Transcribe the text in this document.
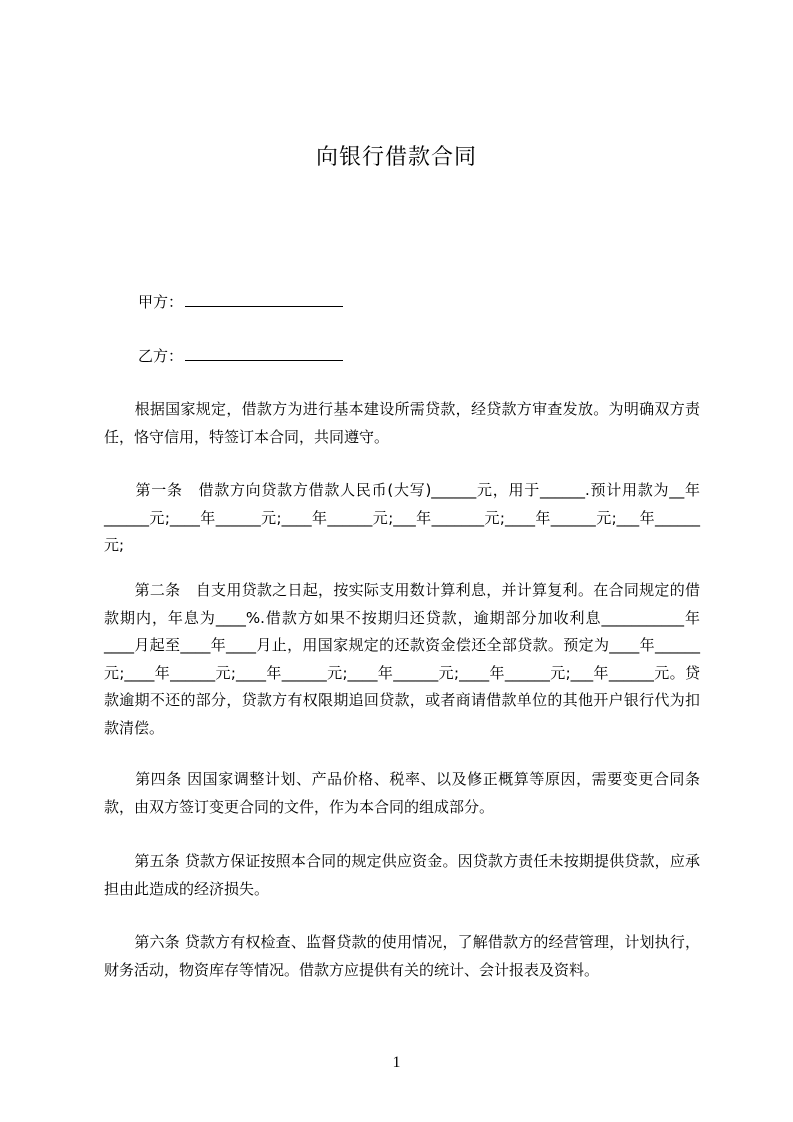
向银行借款合同
甲方：
乙方：

　　根据国家规定，借款方为进行基本建设所需贷款，经贷款方审查发放。为明确双方责任，恪守信用，特签订本合同，共同遵守。

　　第一条　借款方向贷款方借款人民币(大写)______元，用于______.预计用款为__年______元;____年______元;____年______元;___年_______元;____年______元;___年______元;

　　第二条　自支用贷款之日起，按实际支用数计算利息，并计算复利。在合同规定的借款期内，年息为____%.借款方如果不按期归还贷款，逾期部分加收利息___________年____月起至____年____月止，用国家规定的还款资金偿还全部贷款。预定为____年______元;____年______元;____年______元;____年______元;____年______元;___年______元。贷款逾期不还的部分，贷款方有权限期追回贷款，或者商请借款单位的其他开户银行代为扣款清偿。

　　第四条 因国家调整计划、产品价格、税率、以及修正概算等原因，需要变更合同条款，由双方签订变更合同的文件，作为本合同的组成部分。

　　第五条 贷款方保证按照本合同的规定供应资金。因贷款方责任未按期提供贷款，应承担由此造成的经济损失。

　　第六条 贷款方有权检查、监督贷款的使用情况，了解借款方的经营管理，计划执行，财务活动，物资库存等情况。借款方应提供有关的统计、会计报表及资料。

1
